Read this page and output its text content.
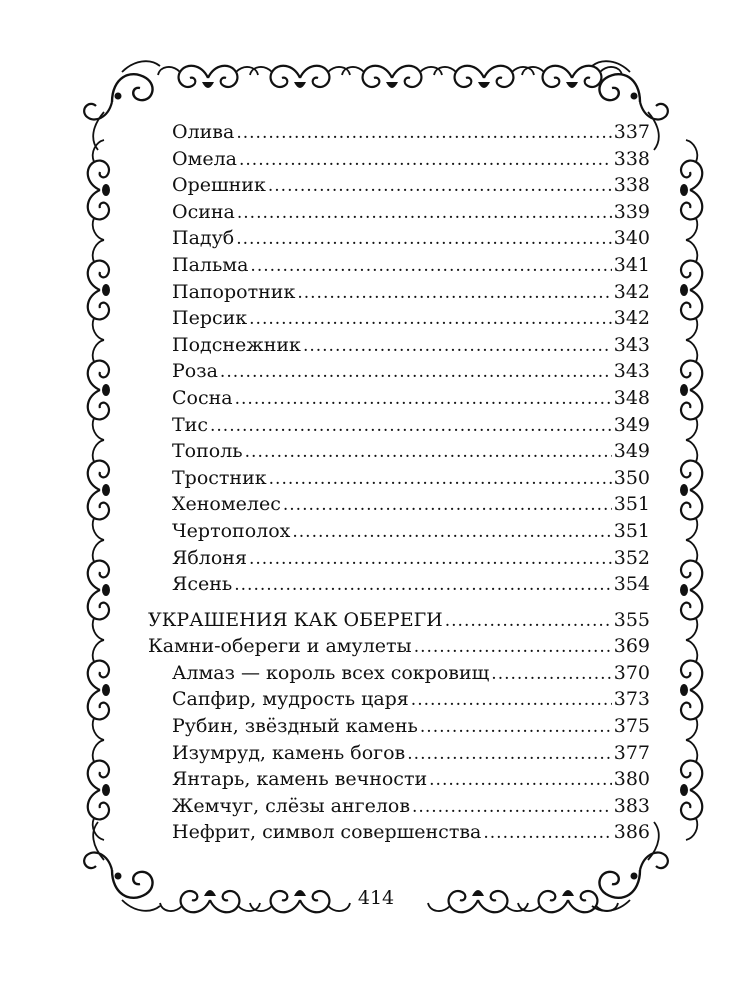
Олива .....	337
Омела .....	338
Орешник .....	338
Осина .....	339
Падуб .....	340
Пальма .....	341
Папоротник .....	342
Персик .....	342
Подснежник .....	343
Роза .....	343
Сосна .....	348
Тис .....	349
Тополь .....	349
Тростник .....	350
Хеномелес .....	351
Чертополох .....	351
Яблоня .....	352
Ясень .....	354
УКРАШЕНИЯ КАК ОБЕРЕГИ .....	355
Камни-обереги и амулеты .....	369
Алмаз — король всех сокровищ .....	370
Сапфир, мудрость царя .....	373
Рубин, звёздный камень .....	375
Изумруд, камень богов .....	377
Янтарь, камень вечности .....	380
Жемчуг, слёзы ангелов .....	383
Нефрит, символ совершенства .....	386
414
